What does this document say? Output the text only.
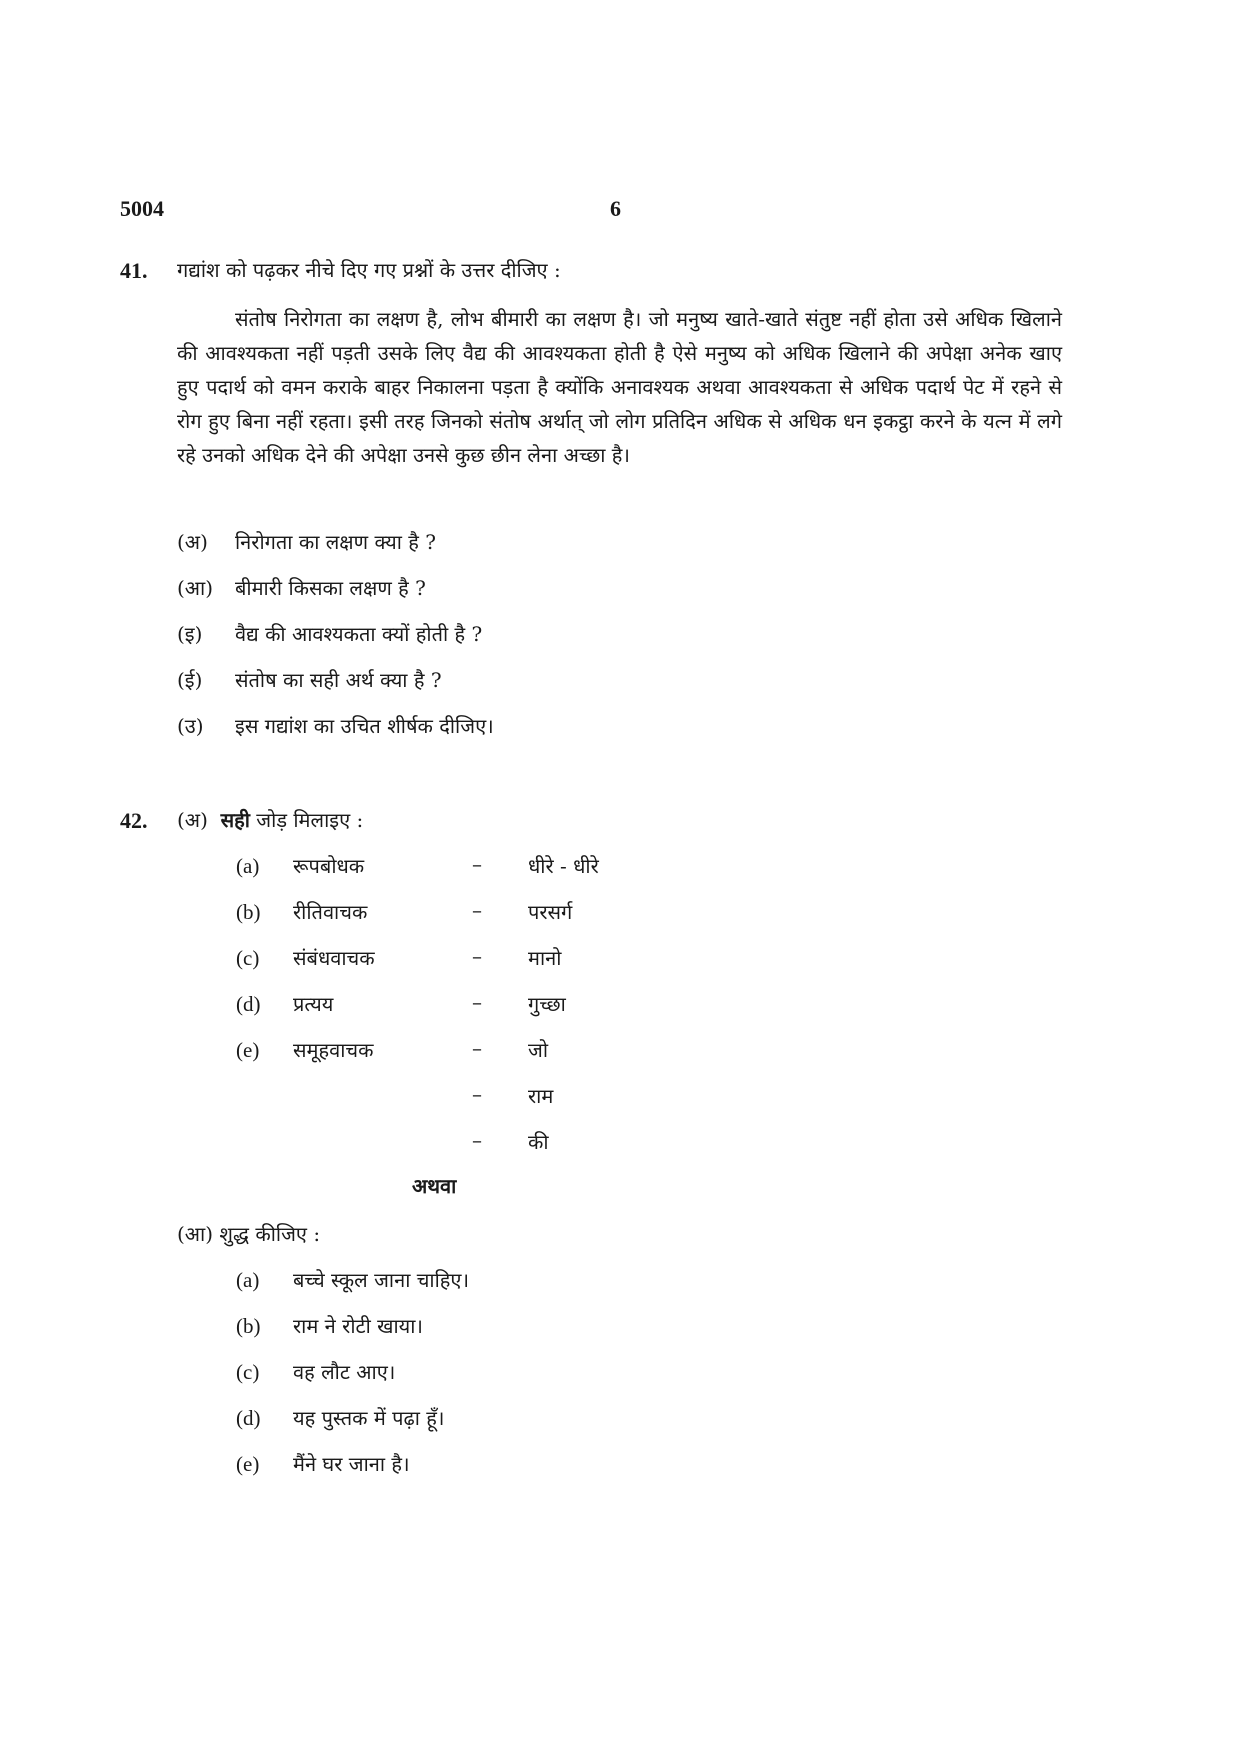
5004	6
41. गद्यांश को पढ़कर नीचे दिए गए प्रश्नों के उत्तर दीजिए :

संतोष निरोगता का लक्षण है, लोभ बीमारी का लक्षण है। जो मनुष्य खाते-खाते संतुष्ट नहीं होता उसे अधिक खिलाने की आवश्यकता नहीं पड़ती उसके लिए वैद्य की आवश्यकता होती है ऐसे मनुष्य को अधिक खिलाने की अपेक्षा अनेक खाए हुए पदार्थ को वमन कराके बाहर निकालना पड़ता है क्योंकि अनावश्यक अथवा आवश्यकता से अधिक पदार्थ पेट में रहने से रोग हुए बिना नहीं रहता। इसी तरह जिनको संतोष अर्थात् जो लोग प्रतिदिन अधिक से अधिक धन इकट्ठा करने के यत्न में लगे रहे उनको अधिक देने की अपेक्षा उनसे कुछ छीन लेना अच्छा है।

(अ) निरोगता का लक्षण क्या है ?
(आ) बीमारी किसका लक्षण है ?
(इ) वैद्य की आवश्यकता क्यों होती है ?
(ई) संतोष का सही अर्थ क्या है ?
(उ) इस गद्यांश का उचित शीर्षक दीजिए।
42. (अ) सही जोड़ मिलाइए :
(a) रूपबोधक
(b) रीतिवाचक
(c) संबंधवाचक
(d) प्रत्यय
(e) समूहवाचक
–
–
–
–
–
–
–
धीरे - धीरे
परसर्ग
मानो
गुच्छा
जो
राम
की
अथवा
(आ) शुद्ध कीजिए :
(a) बच्चे स्कूल जाना चाहिए।
(b) राम ने रोटी खाया।
(c) वह लौट आए।
(d) यह पुस्तक में पढ़ा हूँ।
(e) मैंने घर जाना है।
